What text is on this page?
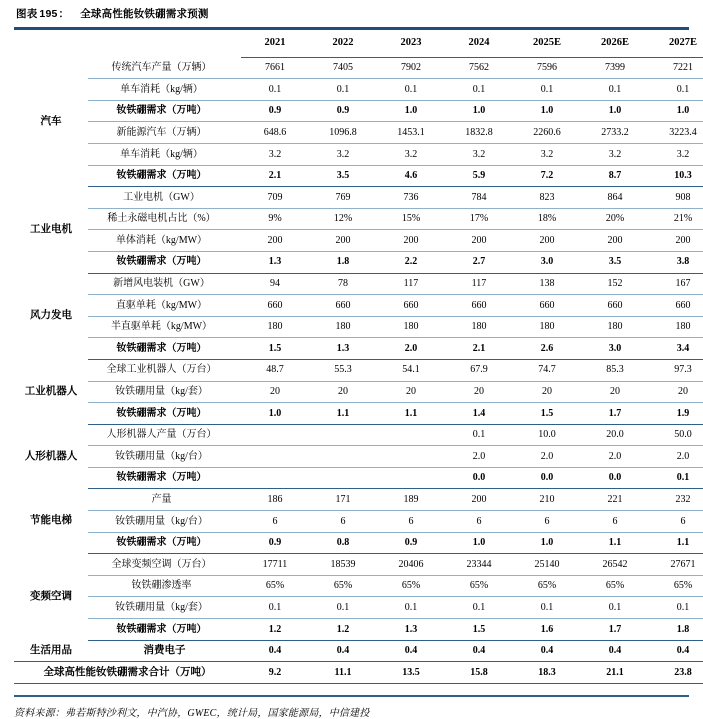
图表 195 ： 全球高性能钕铁硼需求预测
		2021	2022	2023	2024	2025E	2026E	2027E
汽车	传统汽车产量（万辆）	7661	7405	7902	7562	7596	7399	7221
	单车消耗（kg/辆）	0.1	0.1	0.1	0.1	0.1	0.1	0.1
	钕铁硼需求（万吨）	0.9	0.9	1.0	1.0	1.0	1.0	1.0
	新能源汽车（万辆）	648.6	1096.8	1453.1	1832.8	2260.6	2733.2	3223.4
	单车消耗（kg/辆）	3.2	3.2	3.2	3.2	3.2	3.2	3.2
	钕铁硼需求（万吨）	2.1	3.5	4.6	5.9	7.2	8.7	10.3
工业电机	工业电机（GW）	709	769	736	784	823	864	908
	稀土永磁电机占比（%）	9%	12%	15%	17%	18%	20%	21%
	单体消耗（kg/MW）	200	200	200	200	200	200	200
	钕铁硼需求（万吨）	1.3	1.8	2.2	2.7	3.0	3.5	3.8
风力发电	新增风电装机（GW）	94	78	117	117	138	152	167
	直驱单耗（kg/MW）	660	660	660	660	660	660	660
	半直驱单耗（kg/MW）	180	180	180	180	180	180	180
	钕铁硼需求（万吨）	1.5	1.3	2.0	2.1	2.6	3.0	3.4
工业机器人	全球工业机器人（万台）	48.7	55.3	54.1	67.9	74.7	85.3	97.3
	钕铁硼用量（kg/套）	20	20	20	20	20	20	20
	钕铁硼需求（万吨）	1.0	1.1	1.1	1.4	1.5	1.7	1.9
人形机器人	人形机器人产量（万台）				0.1	10.0	20.0	50.0
	钕铁硼用量（kg/台）				2.0	2.0	2.0	2.0
	钕铁硼需求（万吨）				0.0	0.0	0.0	0.1
节能电梯	产量	186	171	189	200	210	221	232
	钕铁硼用量（kg/台）	6	6	6	6	6	6	6
	钕铁硼需求（万吨）	0.9	0.8	0.9	1.0	1.0	1.1	1.1
变频空调	全球变频空调（万台）	17711	18539	20406	23344	25140	26542	27671
	钕铁硼渗透率	65%	65%	65%	65%	65%	65%	65%
	钕铁硼用量（kg/套）	0.1	0.1	0.1	0.1	0.1	0.1	0.1
	钕铁硼需求（万吨）	1.2	1.2	1.3	1.5	1.6	1.7	1.8
生活用品	消费电子	0.4	0.4	0.4	0.4	0.4	0.4	0.4
全球高性能钕铁硼需求合计（万吨）		9.2	11.1	13.5	15.8	18.3	21.1	23.8
资料来源：弗若斯特沙利文，中汽协，GWEC，统计局，国家能源局，中信建投
